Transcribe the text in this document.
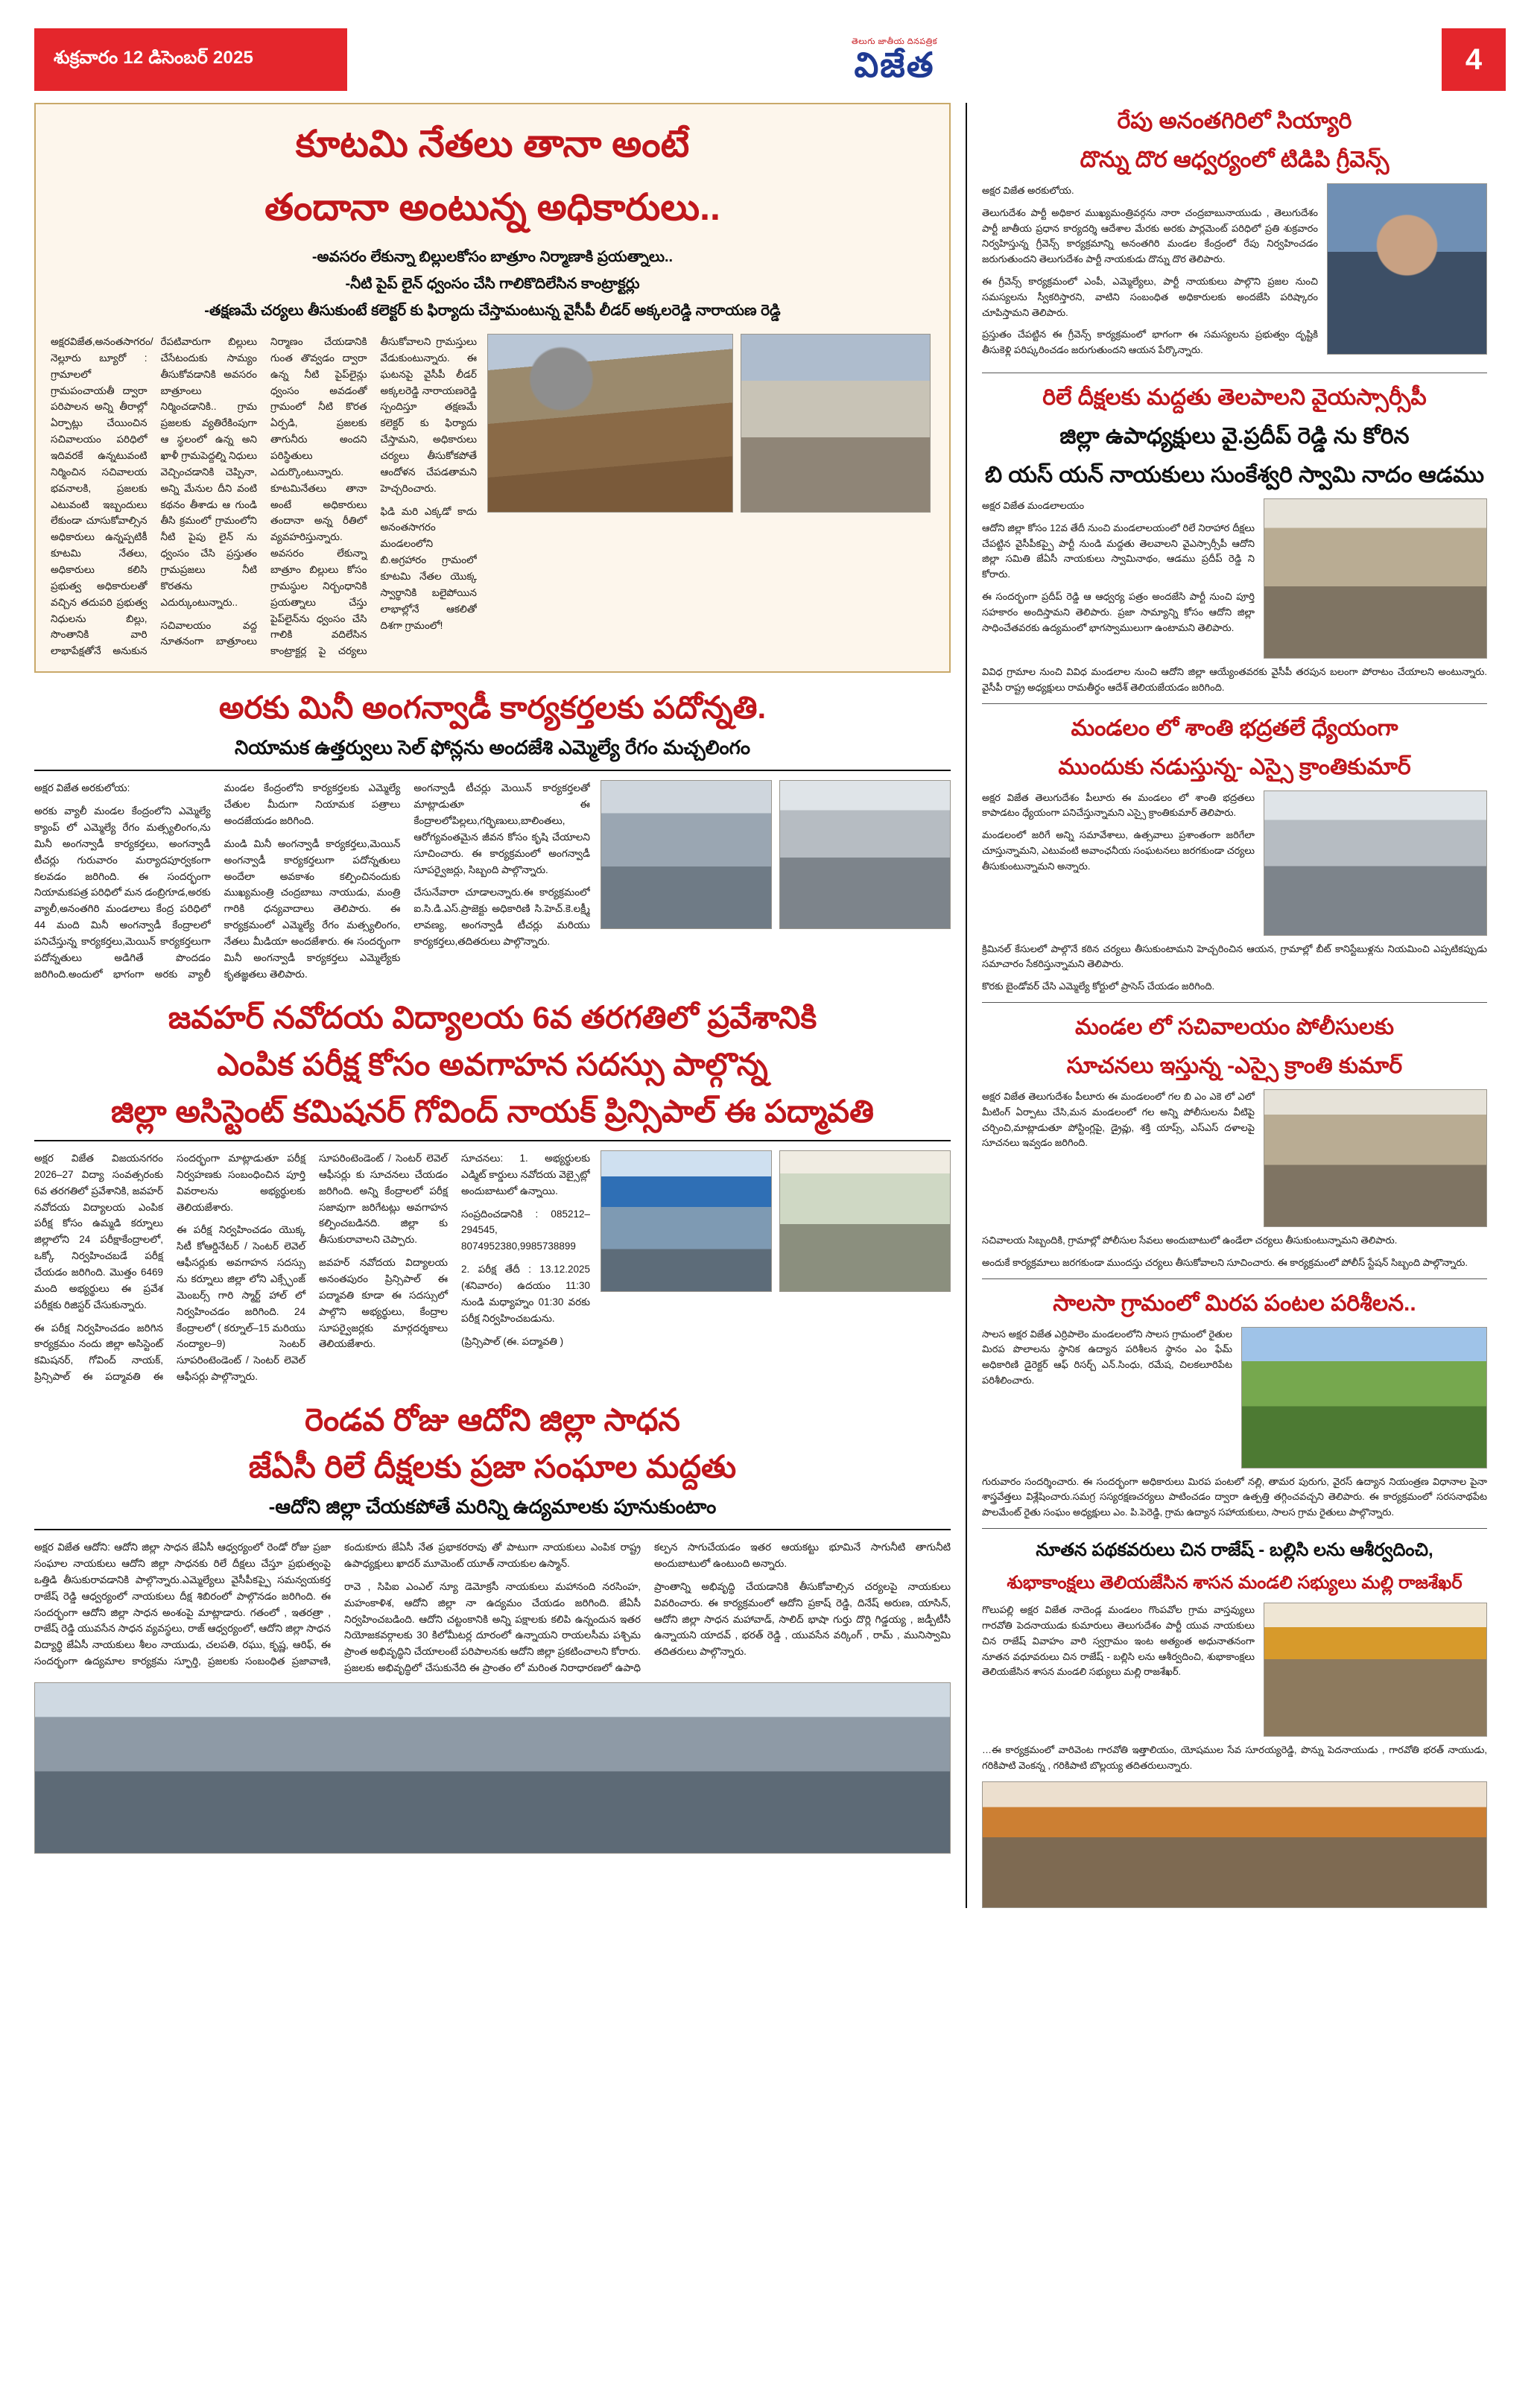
శుక్రవారం 12 డిసెంబర్ 2025
తెలుగు జాతీయ దినపత్రిక
విజేత	4
కూటమి నేతలు తానా అంటే
తందానా అంటున్న అధికారులు..
-అవసరం లేకున్నా బిల్లులకోసం బాత్రూం నిర్మాణాకి ప్రయత్నాలు..
-నీటి పైప్ లైన్ ధ్వంసం చేసి గాలికొదిలేసిన కాంట్రాక్టర్లు
-తక్షణమే చర్యలు తీసుకుంటే కలెక్టర్ కు ఫిర్యాదు చేస్తామంటున్న వైసీపీ లీడర్ అక్కలరెడ్డి నారాయణ రెడ్డి

అక్షరవిజేత,అనంతసాగరం/నెల్లూరు బ్యూరో : గ్రామాలలో గ్రామపంచాయతీ ద్వారా పరిపాలన అన్ని తీరాల్లో ఏర్పాట్లు చేయించిన సచివాలయం పరిధిలో ఇదివరకే ఉన్నటువంటి నిర్మించిన సచివాలయ భవనాలకి, ప్రజలకు ఎటువంటి ఇబ్బందులు లేకుండా చూసుకోవాల్సిన అధికారులు ఉన్నప్పటికీ కూటమి నేతలు, అధికారులు కలిసి ప్రభుత్వ అధికారులతో వచ్చిన తదుపరి ప్రభుత్వ నిధులను బిల్లు, సొంతానికి వారి లాభాపేక్షతోనే అనుకున రేపటివారుగా బిల్లులు చేసేటందుకు సామ్యం తీసుకోవడానికి అవసరం బాత్రూంలు నిర్మించడానికి.. గ్రామ ప్రజలకు వ్యతిరేకింపుగా ఆ స్థలంలో ఉన్న అని ఖాళీ గ్రామపెద్దల్ని నిధులు వెచ్చించడానికి చెప్పినా, అన్ని మేనుల దీని వంటి కథనం తీశాడు ఆ గుండి తీసి క్రమంలో గ్రామంలోని నీటి పైపు లైన్ ను ధ్వంసం చేసి ప్రస్తుతం గ్రామప్రజలు నీటి కొరతను ఎదుర్కుంటున్నారు..

సచివాలయం వద్ద నూతనంగా బాత్రూంలు నిర్మాణం చేయడానికి గుంత తొవ్వడం ద్వారా ఉన్న నీటి పైప్‌లైన్లు ధ్వంసం అవడంతో గ్రామంలో నీటి కొరత ఏర్పడి, ప్రజలకు తాగునీరు అందని పరిస్థితులు ఎదుర్కొంటున్నారు. కూటమినేతలు తానా అంటే అధికారులు తందానా అన్న రీతిలో వ్యవహరిస్తున్నారు. అవసరం లేకున్నా బాత్రూం బిల్లులు కోసం గ్రామస్థుల నిర్బంధానికి ప్రయత్నాలు చేస్తు పైప్‌లైన్‌ను ధ్వంసం చేసి గాలికి వదిలేసిన కాంట్రాక్టర్ల పై చర్యలు తీసుకోవాలని గ్రామస్తులు వేడుకుంటున్నారు. ఈ ఘటనపై వైసీపీ లీడర్ అక్కలరెడ్డి నారాయణరెడ్డి స్పందిస్తూ తక్షణమే కలెక్టర్ కు ఫిర్యాదు చేస్తామని, అధికారులు చర్యలు తీసుకోకపోతే ఆందోళన చేపడతామని హెచ్చరించారు.

ఫిడి మరి ఎక్కడో కాదు అనంతసాగరం మండలంలోని బి.అగ్రహారం గ్రామంలో కూటమి నేతల యొక్క స్వార్థానికి బలైపోయిన లాభాల్లోనే ఆకలితో దిశగా గ్రామంలో!

అరకు మినీ అంగన్వాడీ కార్యకర్తలకు పదోన్నతి.
నియామక ఉత్తర్వులు సెల్ ఫోన్లను అందజేశి ఎమ్మెల్యే రేగం మచ్చలింగం

అక్షర విజేత అరకులోయ:

అరకు వ్యాలీ మండల కేంద్రంలోని ఎమ్మెల్యే క్యాంప్ లో ఎమ్మెల్యే రేగం మత్స్యలింగం,ను మినీ అంగన్వాడీ కార్యకర్తలు, అంగన్వాడీ టీచర్లు గురువారం మర్యాదపూర్వకంగా కలవడం జరిగింది. ఈ సందర్భంగా నియామకపత్ర పరిధిలో మన డంబ్రిగూడ,అరకు వ్యాలీ,అనంతగిరి మండలాలు కేంద్ర పరిధిలో 44 మంది మినీ అంగన్వాడీ కేంద్రాలలో పనిచేస్తున్న కార్యకర్తలు,మెయిన్ కార్యకర్తలుగా పదోన్నతులు అడిగితే పొందడం జరిగింది.అందులో భాగంగా అరకు వ్యాలీ మండల కేంద్రంలోని కార్యకర్తలకు ఎమ్మెల్యే చేతుల మీదుగా నియామక పత్రాలు అందజేయడం జరిగింది.

మండి మినీ అంగన్వాడీ కార్యకర్తలు,మెయిన్ అంగన్వాడీ కార్యకర్తలుగా పదోన్నతులు అందేలా అవకాశం కల్పించినందుకు ముఖ్యమంత్రి చంద్రబాబు నాయుడు, మంత్రి గారికి ధన్యవాదాలు తెలిపారు. ఈ కార్యక్రమంలో ఎమ్మెల్యే రేగం మత్స్యలింగం, నేతలు మీడియా అందజేశారు. ఈ సందర్భంగా మినీ అంగన్వాడీ కార్యకర్తలు ఎమ్మెల్యేకు కృతజ్ఞతలు తెలిపారు.

అంగన్వాడీ టీచర్లు మెయిన్ కార్యకర్తలతో మాట్లాడుతూ ఈ కేంద్రాలలోపిల్లలు,గర్భిణులు,బాలింతలు, ఆరోగ్యవంతమైన జీవన కోసం కృషి చేయాలని సూచించారు. ఈ కార్యక్రమంలో అంగన్వాడీ సూపర్వైజర్లు, సిబ్బంది పాల్గొన్నారు.

చేసునేవారా చూడాలన్నారు.ఈ కార్యక్రమంలో ఐ.సి.డి.ఎస్.ప్రాజెక్టు అధికారిణి సి.హెచ్.కె.లక్ష్మీ లావణ్య, అంగన్వాడీ టీచర్లు మరియు కార్యకర్తలు,తదితరులు పాల్గొన్నారు.

జవహర్ నవోదయ విద్యాలయ 6వ తరగతిలో ప్రవేశానికి
ఎంపిక పరీక్ష కోసం అవగాహన సదస్సు పాల్గొన్న
జిల్లా అసిస్టెంట్ కమిషనర్ గోవింద్ నాయక్ ప్రిన్సిపాల్ ఈ పద్మావతి

అక్షర విజేత విజయనగరం 2026–27 విద్యా సంవత్సరంకు 6వ తరగతిలో ప్రవేశానికి, జవహర్ నవోదయ విద్యాలయ ఎంపిక పరీక్ష కోసం ఉమ్మడి కర్నూలు జిల్లాలోని 24 పరీక్షాకేంద్రాలలో, ఒక్కో నిర్వహించబడే పరీక్ష చేయడం జరిగింది. మొత్తం 6469 మంది అభ్యర్థులు ఈ ప్రవేశ పరీక్షకు రిజిస్టర్ చేసుకున్నారు.

ఈ పరీక్ష నిర్వహించడం జరిగిన కార్యక్రమం నందు జిల్లా అసిస్టెంట్ కమిషనర్, గోవింద్ నాయక్, ప్రిన్సిపాల్ ఈ పద్మావతి ఈ సందర్భంగా మాట్లాడుతూ పరీక్ష నిర్వహణకు సంబంధించిన పూర్తి వివరాలను అభ్యర్థులకు తెలియజేశారు.

ఈ పరీక్ష నిర్వహించడం యొక్క సిటీ కోఆర్డినేటర్ / సెంటర్ లెవెల్ ఆఫీసర్లుకు అవగాహన సదస్సు ను కర్నూలు జిల్లా లోని ఎక్స్ఛేంజ్ మెంబర్స్ గారి స్మార్ట్ హాల్ లో నిర్వహించడం జరిగింది. 24 కేంద్రాలలో ( కర్నూల్–15 మరియు నంద్యాల–9) సెంటర్ సూపరింటెండెంట్ / సెంటర్ లెవెల్ ఆఫీసర్లు పాల్గొన్నారు.

సూపరింటెండెంట్ / సెంటర్ లెవెల్ ఆఫీసర్లు కు సూచనలు చేయడం జరిగింది. అన్ని కేంద్రాలలో పరీక్ష సజావుగా జరిగేటట్లు అవగాహన కల్పించబడినది. జిల్లా కు తీసుకురావాలని చెప్పారు.

జవహర్ నవోదయ విద్యాలయ అనంతపురం ప్రిన్సిపాల్ ఈ పద్మావతి కూడా ఈ సదస్సులో పాల్గొని అభ్యర్థులు, కేంద్రాల సూపర్వైజర్లకు మార్గదర్శకాలు తెలియజేశారు.

సూచనలు: 1. అభ్యర్థులకు ఎడ్మిట్ కార్డులు నవోదయ వెబ్సైట్లో అందుబాటులో ఉన్నాయి.

సంప్రదించడానికి : 085212–294545, 8074952380,9985738899

2. పరీక్ష తేదీ : 13.12.2025 (శనివారం) ఉదయం 11:30 నుండి మధ్యాహ్నం 01:30 వరకు పరీక్ష నిర్వహించబడును.

(ప్రిన్సిపాల్ (ఈ. పద్మావతి )

రెండవ రోజు ఆదోని జిల్లా సాధన
జేఏసీ రిలే దీక్షలకు ప్రజా సంఘాల మద్దతు
-ఆదోని జిల్లా చేయకపోతే మరిన్ని ఉద్యమాలకు పూనుకుంటాం

అక్షర విజేత ఆదోని: ఆదోని జిల్లా సాధన జేఏసీ ఆధ్వర్యంలో రెండో రోజు ప్రజా సంఘాల నాయకులు ఆదోని జిల్లా సాధనకు రిలే దీక్షలు చేస్తూ ప్రభుత్వంపై ఒత్తిడి తీసుకురావడానికి పాల్గొన్నారు.ఎమ్మెల్యేలు వైసీపీకప్పై సమన్వయకర్త రాజేష్ రెడ్డి ఆధ్వర్యంలో నాయకులు దీక్ష శిబిరంలో పాల్గొనడం జరిగింది. ఈ సందర్భంగా ఆదోని జిల్లా సాధన అంశంపై మాట్లాడారు. గతంలో , ఇతరత్రా , రాజేష్ రెడ్డి యువసేన సాధన వ్యవస్థలు, రాజ్ ఆధ్వర్యంలో, ఆదోని జిల్లా సాధన విద్యార్థి జేఏసీ నాయకులు శీలం నాయుడు, చలపతి, రఘు, కృష్ణ, ఆరిఫ్, ఈ సందర్భంగా ఉద్యమాల కార్యక్రమ స్ఫూర్తి, ప్రజలకు సంబంధిత ప్రజావాణి, కందుకూరు జేఏసీ నేత ప్రభాకరరావు తో పాటుగా నాయకులు ఎంపిక రాష్ట్ర ఉపాధ్యక్షులు ఖాదర్ మూమెంట్ యూత్ నాయకుల ఉస్మాన్.

రావె , సిపిఐ ఎంఎల్ న్యూ డెమోక్రసీ నాయకులు మహానంది నరసింహ, మహంకాళిశ, ఆదోని జిల్లా నా ఉద్యమం చేయడం జరిగింది. జేఏసీ నిర్వహించబడింది. ఆదోని చట్టంకానికి అన్ని పక్షాలకు కలిపి ఉన్నందున ఇతర నియోజకవర్గాలకు 30 కిలోమీటర్ల దూరంలో ఉన్నాయని రాయలసీమ పశ్చిమ ప్రాంత అభివృద్ధిని చేయాలంటే పరిపాలనకు ఆదోని జిల్లా ప్రకటించాలని కోరారు. ప్రజలకు అభివృద్ధిలో చేసుకునేది ఈ ప్రాంతం లో మరింత నిరాధారణలో ఉపాధి కల్పన సాగుచేయడం ఇతర ఆయకట్టు భూమినే సాగునీటి తాగునీటి అందుబాటులో ఉంటుంది అన్నారు.

ప్రాంతాన్ని అభివృద్ధి చేయడానికి తీసుకోవాల్సిన చర్యలపై నాయకులు వివరించారు. ఈ కార్యక్రమంలో ఆదోని ప్రకాష్ రెడ్డి, దినేష్ అరుణ, యాసిన్, ఆదోని జిల్లా సాధన మహావాడ్, సాలిద్ భాషా గుర్తు దొర్లి గిడ్డయ్య , జడ్పీటీసీ ఉన్నాయని యాదవ్ , భరత్ రెడ్డి , యువసేన వర్కింగ్ , రామ్ , మునిస్వామి తదితరులు పాల్గొన్నారు.

రేపు అనంతగిరిలో సియ్యారి
దొన్ను దొర ఆధ్వర్యంలో టిడిపి గ్రీవెన్స్

అక్షర విజేత అరకులోయ.

తెలుగుదేశం పార్టీ అధికార ముఖ్యమంత్రివర్గను నారా చంద్రబాబునాయుడు , తెలుగుదేశం పార్టీ జాతీయ ప్రధాన కార్యదర్శి ఆదేశాల మేరకు అరకు పార్లమెంట్ పరిధిలో ప్రతి శుక్రవారం నిర్వహిస్తున్న గ్రీవెన్స్ కార్యక్రమాన్ని అనంతగిరి మండల కేంద్రంలో రేపు నిర్వహించడం జరుగుతుందని తెలుగుదేశం పార్టీ నాయకుడు దొన్ను దొర తెలిపారు.

ఈ గ్రీవెన్స్ కార్యక్రమంలో ఎంపీ, ఎమ్మెల్యేలు, పార్టీ నాయకులు పాల్గొని ప్రజల నుంచి సమస్యలను స్వీకరిస్తారని, వాటిని సంబంధిత అధికారులకు అందజేసి పరిష్కారం చూపిస్తామని తెలిపారు.

ప్రస్తుతం చేపట్టిన ఈ గ్రీవెన్స్ కార్యక్రమంలో భాగంగా ఈ సమస్యలను ప్రభుత్వం దృష్టికి తీసుకెళ్లి పరిష్కరించడం జరుగుతుందని ఆయన పేర్కొన్నారు.

రిలే దీక్షలకు మద్దతు తెలపాలని వైయస్సార్సీపీ
జిల్లా ఉపాధ్యక్షులు వై.ప్రదీప్ రెడ్డి ను కోరిన
బి యస్ యన్ నాయకులు సుంకేశ్వరి స్వామి నాదం ఆడము

అక్షర విజేత మండలాలయం

ఆదోని జిల్లా కోసం 12వ తేదీ నుంచి మండలాలయంలో రిలే నిరాహార దీక్షలు చేపట్టిన వైసీపీకప్పై పార్టీ నుండి మద్దతు తెలవాలని వైఎస్సార్సీపీ ఆదోని జిల్లా సమితి జేఏసీ నాయకులు స్వామినాథం, ఆడము ప్రదీప్ రెడ్డి ని కోరారు.

ఈ సందర్భంగా ప్రదీప్ రెడ్డి ఆ ఆధ్వర్య పత్రం అందజేసి పార్టీ నుంచి పూర్తి సహకారం అందిస్తామని తెలిపారు. ప్రజా సామ్యాన్ని కోసం ఆదోని జిల్లా సాధించేతవరకు ఉద్యమంలో భాగస్వాములుగా ఉంటామని తెలిపారు.

వివిధ గ్రామాల నుంచి వివిధ మండలాల నుంచి ఆదోని జిల్లా ఆయ్యేంతవరకు వైసీపీ తరపున బలంగా పోరాటం చేయాలని అంటున్నారు. వైసీపీ రాష్ట్ర అధ్యక్షులు రామతీర్థం ఆదేశ్ తెలియజేయడం జరిగింది.

మండలం లో శాంతి భద్రతలే ధ్యేయంగా
ముందుకు నడుస్తున్న- ఎస్సై క్రాంతికుమార్

అక్షర విజేత తెలుగుదేశం పీలూరు ఈ మండలం లో శాంతి భద్రతలు కాపాడటం ధ్యేయంగా పనిచేస్తున్నామని ఎస్సై క్రాంతికుమార్ తెలిపారు.

మండలంలో జరిగే అన్ని సమావేశాలు, ఉత్సవాలు ప్రశాంతంగా జరిగేలా చూస్తున్నామని, ఎటువంటి అవాంఛనీయ సంఘటనలు జరగకుండా చర్యలు తీసుకుంటున్నామని అన్నారు.

క్రిమినల్ కేసులలో పాల్గొనే కఠిన చర్యలు తీసుకుంటామని హెచ్చరించిన ఆయన, గ్రామాల్లో బీట్ కానిస్టేబుళ్లను నియమించి ఎప్పటికప్పుడు సమాచారం సేకరిస్తున్నామని తెలిపారు.

కొరకు బైండోవర్ చేసి ఎమ్మెల్యే కోర్టులో ప్రాసెస్ చేయడం జరిగింది.

మండల లో సచివాలయం పోలీసులకు
సూచనలు ఇస్తున్న -ఎస్సై క్రాంతి కుమార్

అక్షర విజేత తెలుగుదేశం పీలూరు ఈ మండలంలో గల బి ఎం ఎకె లో ఎలో మీటింగ్ ఏర్పాటు చేసి,మన మండలంలో గల అన్ని పోలీసులను వీటిపై చర్చించి,మాట్లాడుతూ పోస్టింగ్లపై, డ్రైవ్లు, శక్తి యాప్స్, ఎస్ఎస్ దళాలపై సూచనలు ఇవ్వడం జరిగింది.

సచివాలయ సిబ్బందికి, గ్రామాల్లో పోలీసుల సేవలు అందుబాటులో ఉండేలా చర్యలు తీసుకుంటున్నామని తెలిపారు.

అందుకే కార్యక్రమాలు జరగకుండా ముందస్తు చర్యలు తీసుకోవాలని సూచించారు. ఈ కార్యక్రమంలో పోలీస్ స్టేషన్ సిబ్బంది పాల్గొన్నారు.

సాలసా గ్రామంలో మిరప పంటల పరిశీలన..

సాలస అక్షర విజేత ఎర్రిపాలెం మండలంలోని సాలస గ్రామంలో రైతుల మిరప పొలాలను స్థానిక ఉద్యాన పరిశీలన స్థానం ఎం ఫేమ్ అధికారిణి డైరెక్టర్ ఆఫ్ రిసర్చ్ ఎన్.సింధు, రమేష, చిలకలూరిపేట పరిశీలించారు.

గురువారం సందర్శించారు. ఈ సందర్భంగా అధికారులు మిరప పంటలో నల్లి, తామర పురుగు, వైరస్ ఉద్యాన నియంత్రణ విధానాల పైనా శాస్త్రవేత్తలు విశ్లేషించారు.సమగ్ర సస్యరక్షణచర్యలు పాటించడం ద్వారా ఉత్పత్తి తగ్గించవచ్చని తెలిపారు. ఈ కార్యక్రమంలో సరసనాథపేట పొలమేంట్ రైతు సంఘం అధ్యక్షులు ఎం. పి.పెరెడ్డి, గ్రామ ఉద్యాన సహాయకులు, సాలస గ్రామ రైతులు పాల్గొన్నారు.

నూతన పథకవరులు చిన రాజేష్ - బల్లిసి లను ఆశీర్వదించి,
శుభాకాంక్షలు తెలియజేసిన శాసన మండలి సభ్యులు మల్లి రాజశేఖర్

గొలుపల్లి అక్షర విజేత నాదెండ్ల మండలం గొంపవోల గ్రామ వాస్తవ్యులు గారవోతి పెదనాయుడు కుమారులు తెలుగుదేశం పార్టీ యువ నాయకులు చిన రాజేష్ వివాహం వారి స్వగ్రామం ఇంట అత్యంత అధునాతనంగా నూతన వధూవరులు చిన రాజేష్ - బల్లిసి లను ఆశీర్వదించి, శుభాకాంక్షలు తెలియజేసిన శాసన మండలి సభ్యులు మల్లి రాజశేఖర్.

…ఈ కార్యక్రమంలో వారివెంట గారవోతి ఇత్తాలియం, యోషముల సేవ సూరయ్యరెడ్డి, పొన్ను పెదనాయుడు , గారవోతి భరత్ నాయుడు, గరికిపాటి వెంకన్న , గరికిపాటి బొల్లయ్య తదితరులున్నారు.
